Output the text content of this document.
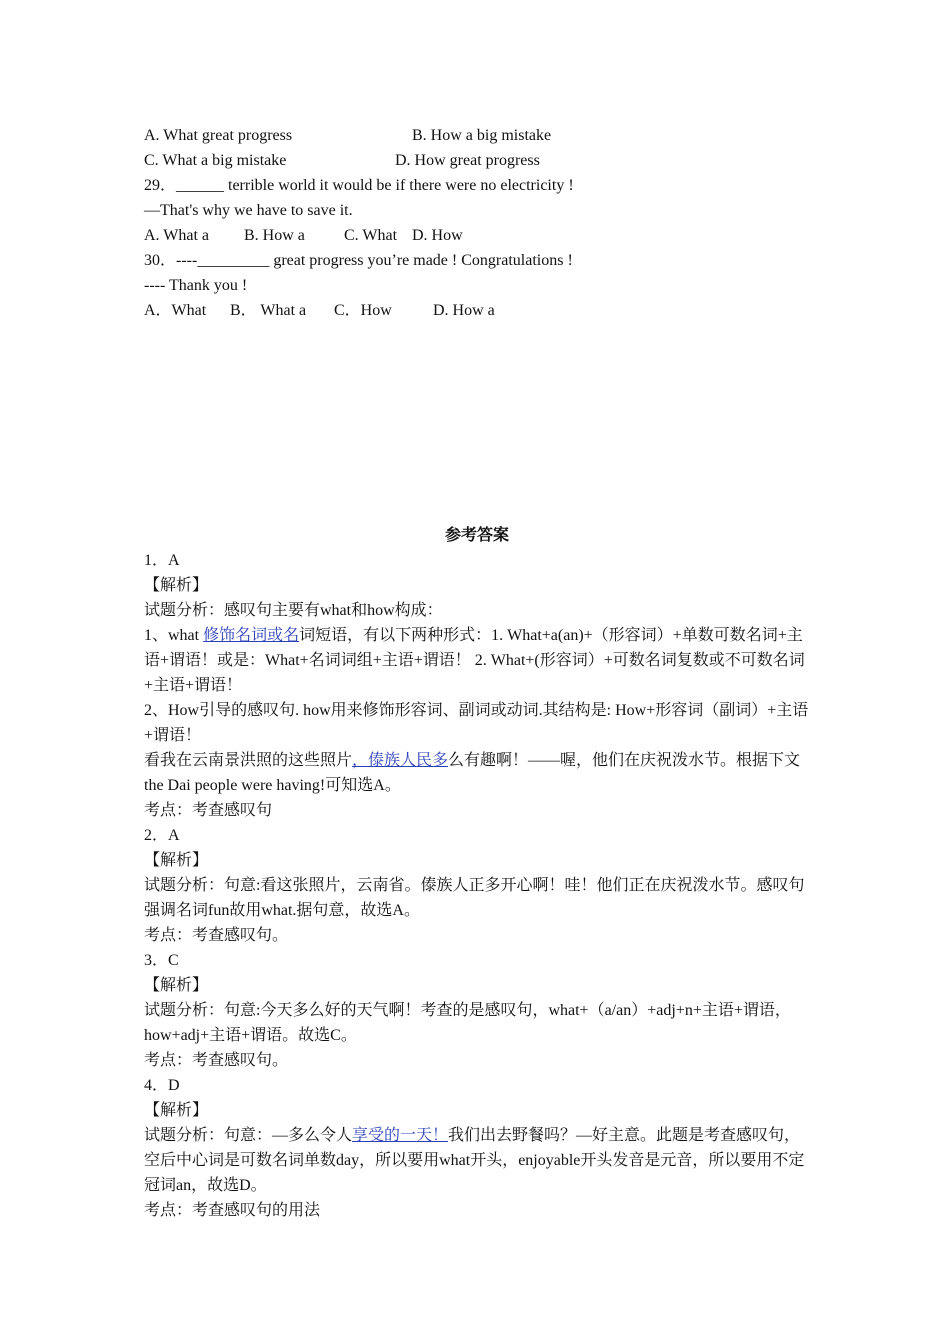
A. What great progress	B. How a big mistake
C. What a big mistake	D. How great progress
29．______ terrible world it would be if there were no electricity !
—That's why we have to save it.
A. What a B. How a C. What D. How
30．----_________ great progress you’re made ! Congratulations !
---- Thank you !
A．What B． What a C．How	D. How a
参考答案
1．A
【解析】
试题分析：感叹句主要有what和how构成：
1、what 修饰名词或名词短语，有以下两种形式：1. What+a(an)+（形容词）+单数可数名词+主语+谓语！或是：What+名词词组+主语+谓语！ 2. What+(形容词）+可数名词复数或不可数名词+主语+谓语！
2、How引导的感叹句. how用来修饰形容词、副词或动词.其结构是: How+形容词（副词）+主语+谓语！
看我在云南景洪照的这些照片，傣族人民多么有趣啊！——喔，他们在庆祝泼水节。根据下文the Dai people were having!可知选A。
考点：考查感叹句
2．A
【解析】
试题分析：句意:看这张照片，云南省。傣族人正多开心啊！哇！他们正在庆祝泼水节。感叹句强调名词fun故用what.据句意，故选A。
考点：考查感叹句。
3．C
【解析】
试题分析：句意:今天多么好的天气啊！考查的是感叹句，what+（a/an）+adj+n+主语+谓语，how+adj+主语+谓语。故选C。
考点：考查感叹句。
4．D
【解析】
试题分析：句意：—多么令人享受的一天！我们出去野餐吗？—好主意。此题是考查感叹句，空后中心词是可数名词单数day，所以要用what开头，enjoyable开头发音是元音，所以要用不定冠词an，故选D。
考点：考查感叹句的用法
